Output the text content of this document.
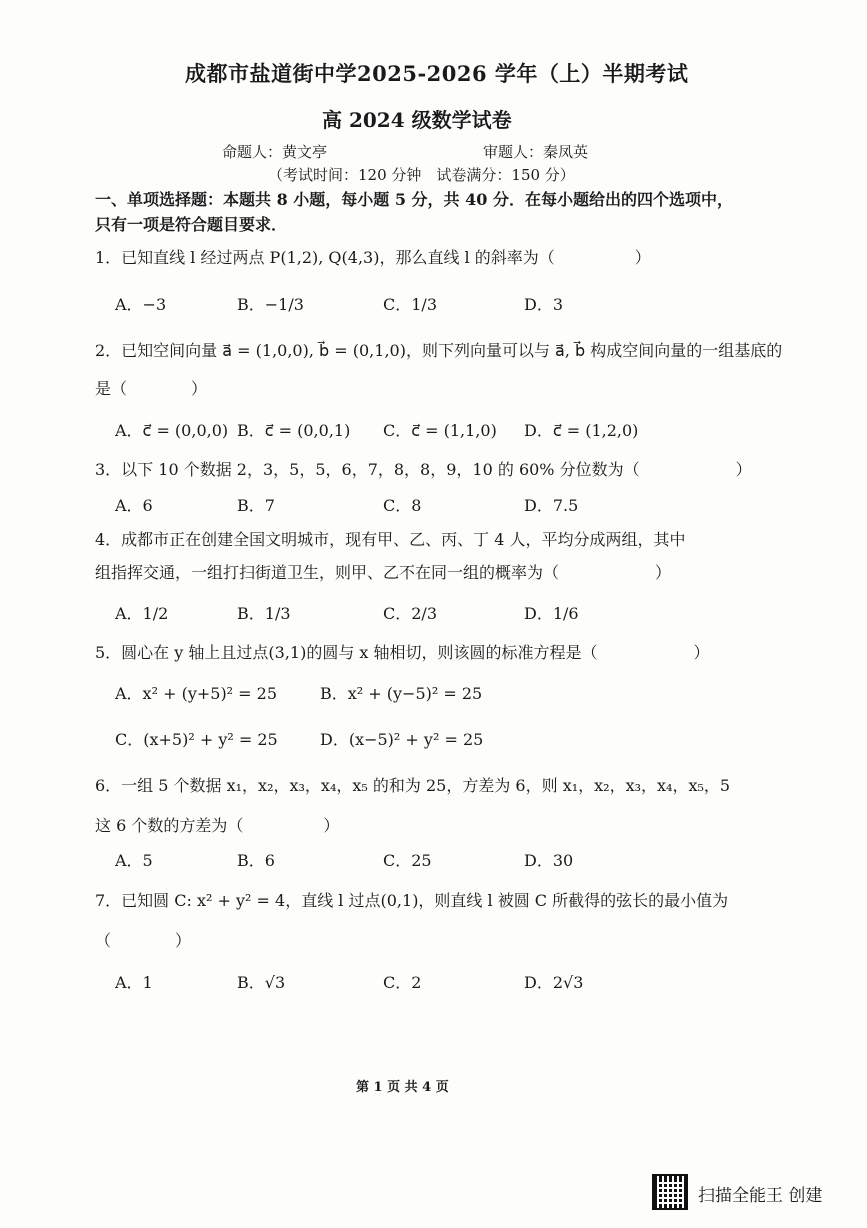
成都市盐道街中学2025-2026 学年（上）半期考试
高 2024 级数学试卷
命题人：黄文亭	审题人：秦凤英
（考试时间：120 分钟　试卷满分：150 分）
一、单项选择题：本题共 8 小题，每小题 5 分，共 40 分．在每小题给出的四个选项中，
只有一项是符合题目要求．
1．已知直线 l 经过两点 P(1,2), Q(4,3)，那么直线 l 的斜率为（　　　　　）
A．−3	B．−1/3	C．1/3	D．3
2．已知空间向量 a⃗ = (1,0,0), b⃗ = (0,1,0)，则下列向量可以与 a⃗, b⃗ 构成空间向量的一组基底的
是（　　　　）
A．c⃗ = (0,0,0) B．c⃗ = (0,0,1) C．c⃗ = (1,1,0) D．c⃗ = (1,2,0)
3．以下 10 个数据 2，3，5，5，6，7，8，8，9，10 的 60% 分位数为（　　　　　　）
A．6	B．7	C．8	D．7.5
4．成都市正在创建全国文明城市，现有甲、乙、丙、丁 4 人，平均分成两组，其中
组指挥交通，一组打扫街道卫生，则甲、乙不在同一组的概率为（　　　　　　）
A．1/2	B．1/3	C．2/3	D．1/6
5．圆心在 y 轴上且过点(3,1)的圆与 x 轴相切，则该圆的标准方程是（　　　　　　）
A．x² + (y+5)² = 25	B．x² + (y−5)² = 25
C．(x+5)² + y² = 25	D．(x−5)² + y² = 25
6．一组 5 个数据 x₁，x₂，x₃，x₄，x₅ 的和为 25，方差为 6，则 x₁，x₂，x₃，x₄，x₅，5
这 6 个数的方差为（　　　　　）
A．5	B．6	C．25	D．30
7．已知圆 C: x² + y² = 4，直线 l 过点(0,1)，则直线 l 被圆 C 所截得的弦长的最小值为
（　　　　）
A．1	B．√3	C．2	D．2√3
第 1 页 共 4 页
扫描全能王 创建
